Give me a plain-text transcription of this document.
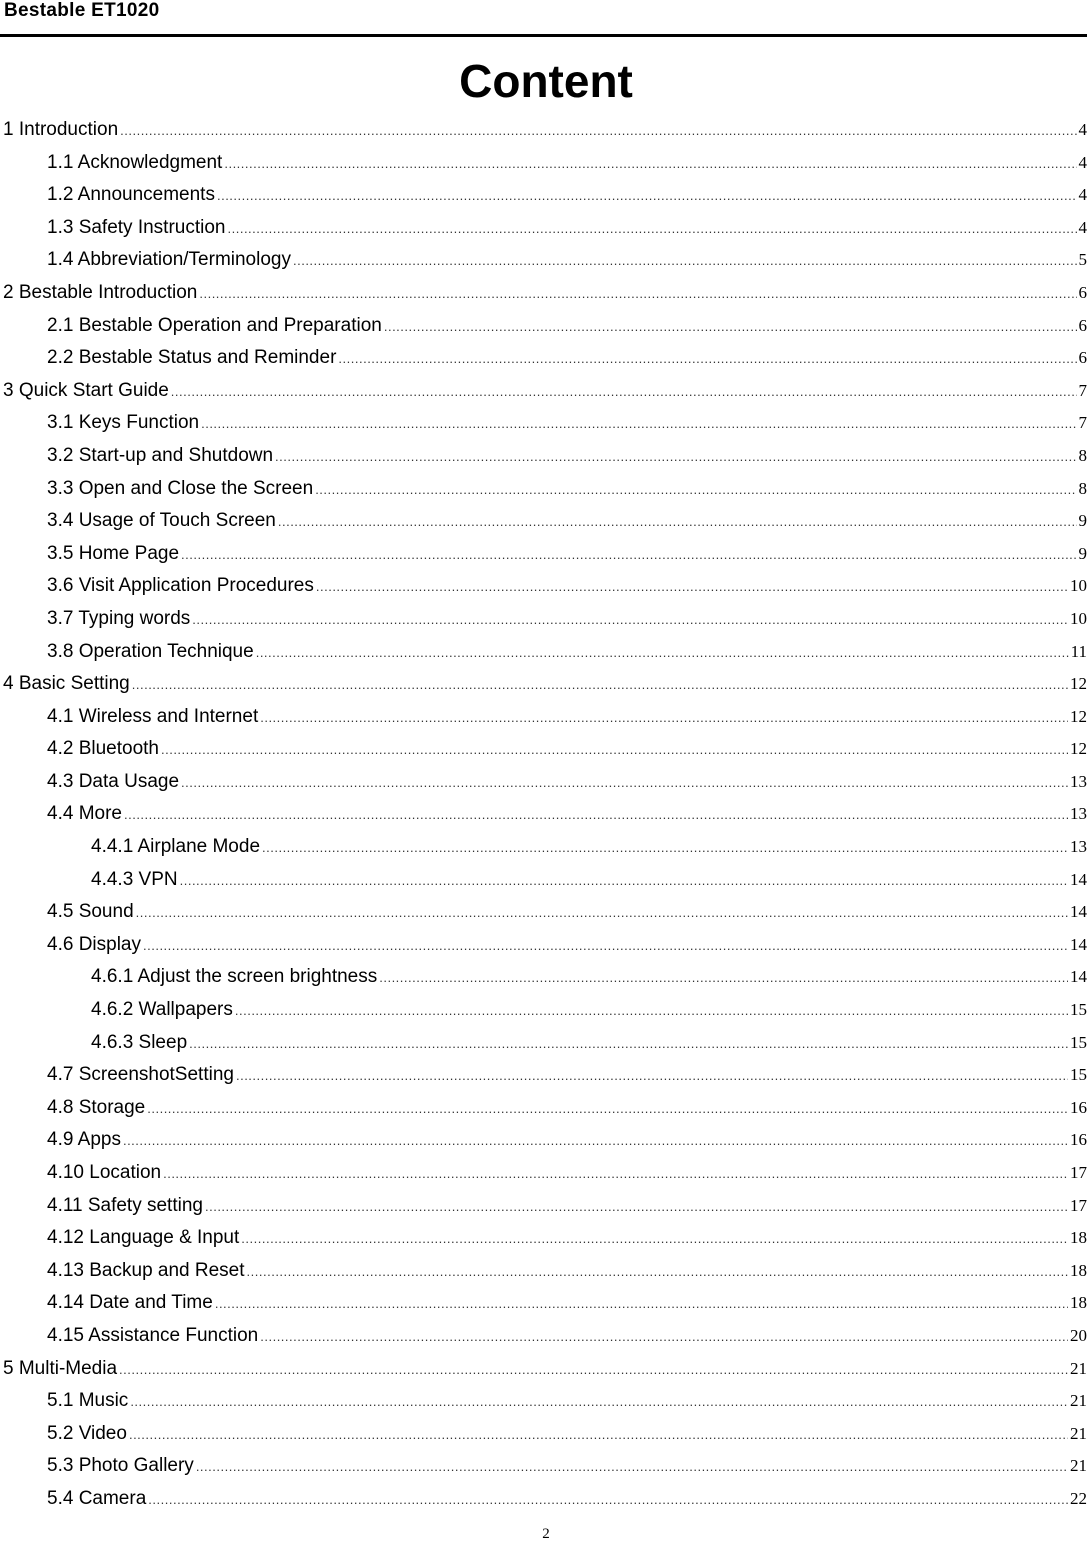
Bestable ET1020
Content
1 Introduction .....	4
1.1 Acknowledgment .....	4
1.2 Announcements .....	4
1.3 Safety Instruction .....	4
1.4 Abbreviation/Terminology .....	5
2 Bestable Introduction .....	6
2.1 Bestable Operation and Preparation .....	6
2.2 Bestable Status and Reminder .....	6
3 Quick Start Guide .....	7
3.1 Keys Function .....	7
3.2 Start-up and Shutdown .....	8
3.3 Open and Close the Screen .....	8
3.4 Usage of Touch Screen .....	9
3.5 Home Page .....	9
3.6 Visit Application Procedures .....	10
3.7 Typing words .....	10
3.8 Operation Technique .....	11
4 Basic Setting .....	12
4.1 Wireless and Internet .....	12
4.2 Bluetooth .....	12
4.3 Data Usage .....	13
4.4 More .....	13
4.4.1 Airplane Mode .....	13
4.4.3 VPN .....	14
4.5 Sound .....	14
4.6 Display .....	14
4.6.1 Adjust the screen brightness .....	14
4.6.2 Wallpapers .....	15
4.6.3 Sleep .....	15
4.7 ScreenshotSetting .....	15
4.8 Storage .....	16
4.9 Apps .....	16
4.10 Location .....	17
4.11 Safety setting .....	17
4.12 Language & Input .....	18
4.13 Backup and Reset .....	18
4.14 Date and Time .....	18
4.15 Assistance Function .....	20
5 Multi-Media .....	21
5.1 Music .....	21
5.2 Video .....	21
5.3 Photo Gallery .....	21
5.4 Camera .....	22
2
